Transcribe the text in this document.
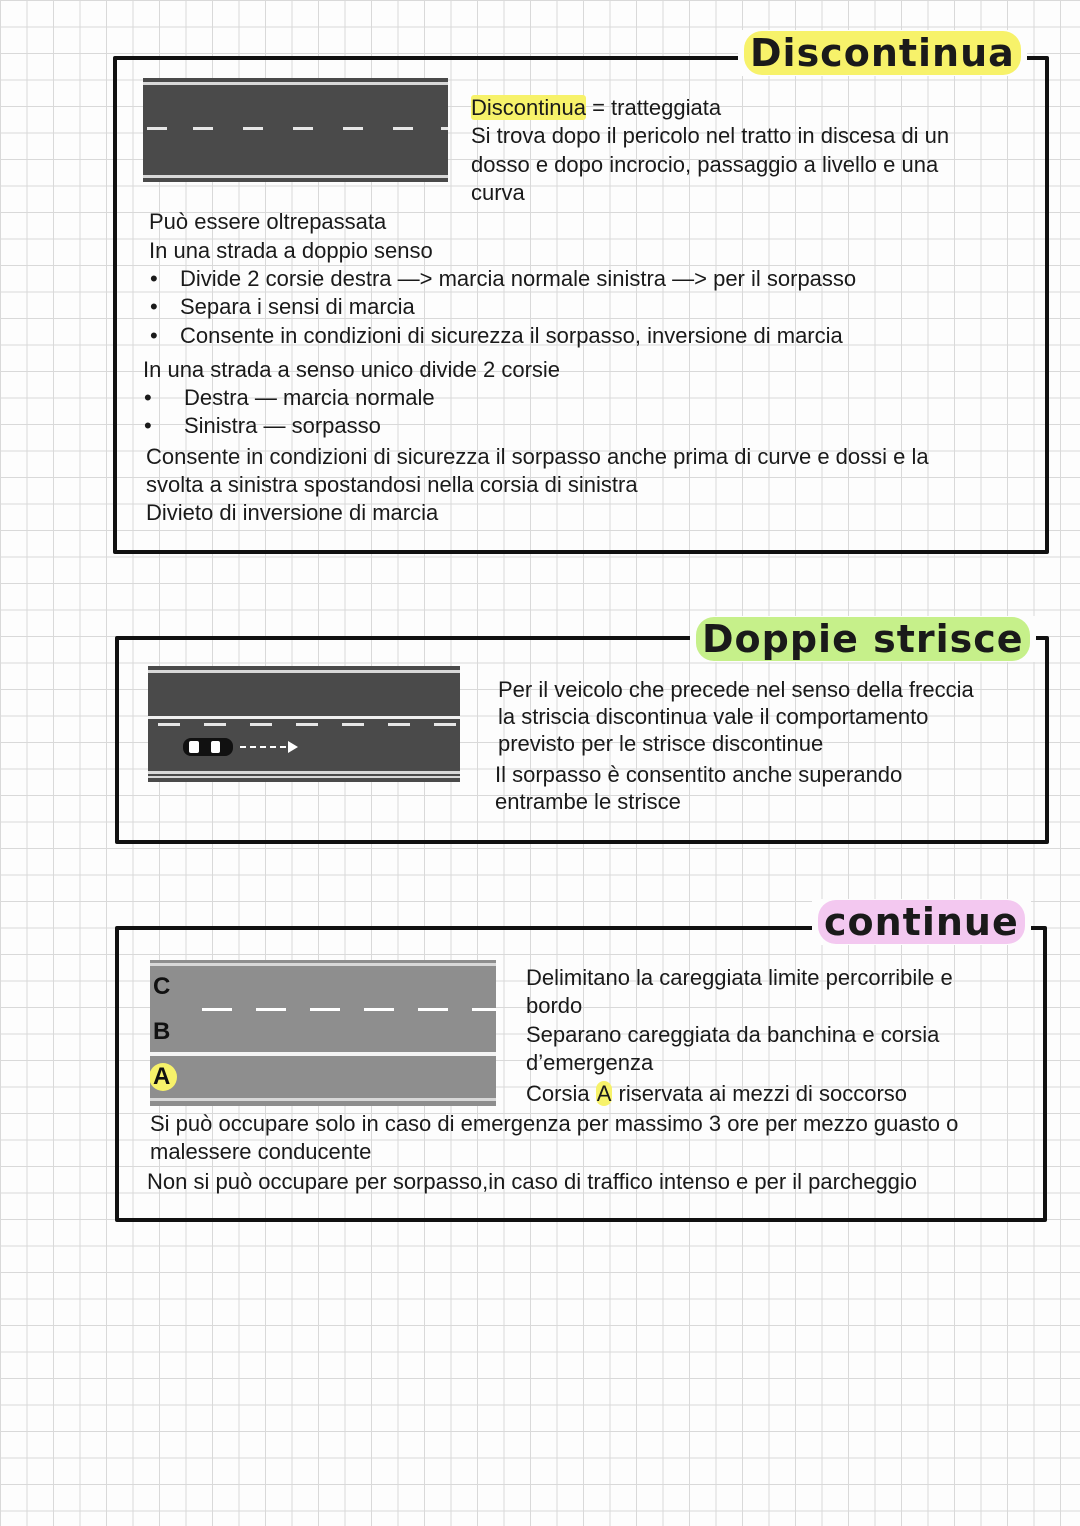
Discontinua
Discontinua = tratteggiata
Si trova dopo il pericolo nel tratto in discesa di un
dosso e dopo incrocio, passaggio a livello e una
curva
Può essere oltrepassata
In una strada a doppio senso
• Divide 2 corsie destra —> marcia normale sinistra —> per il sorpasso
• Separa i sensi di marcia
• Consente in condizioni di sicurezza il sorpasso, inversione di marcia
In una strada a senso unico divide 2 corsie
• Destra — marcia normale
• Sinistra — sorpasso
Consente in condizioni di sicurezza il sorpasso anche prima di curve e dossi e la
svolta a sinistra spostandosi nella corsia di sinistra
Divieto di inversione di marcia
Doppie strisce
Per il veicolo che precede nel senso della freccia
la striscia discontinua vale il comportamento
previsto per le strisce discontinue
Il sorpasso è consentito anche superando
entrambe le strisce
continue
C
B
A
Delimitano la careggiata limite percorribile e
bordo
Separano careggiata da banchina e corsia
d’emergenza
Corsia A riservata ai mezzi di soccorso
Si può occupare solo in caso di emergenza per massimo 3 ore per mezzo guasto o
malessere conducente
Non si può occupare per sorpasso,in caso di traffico intenso e per il parcheggio
